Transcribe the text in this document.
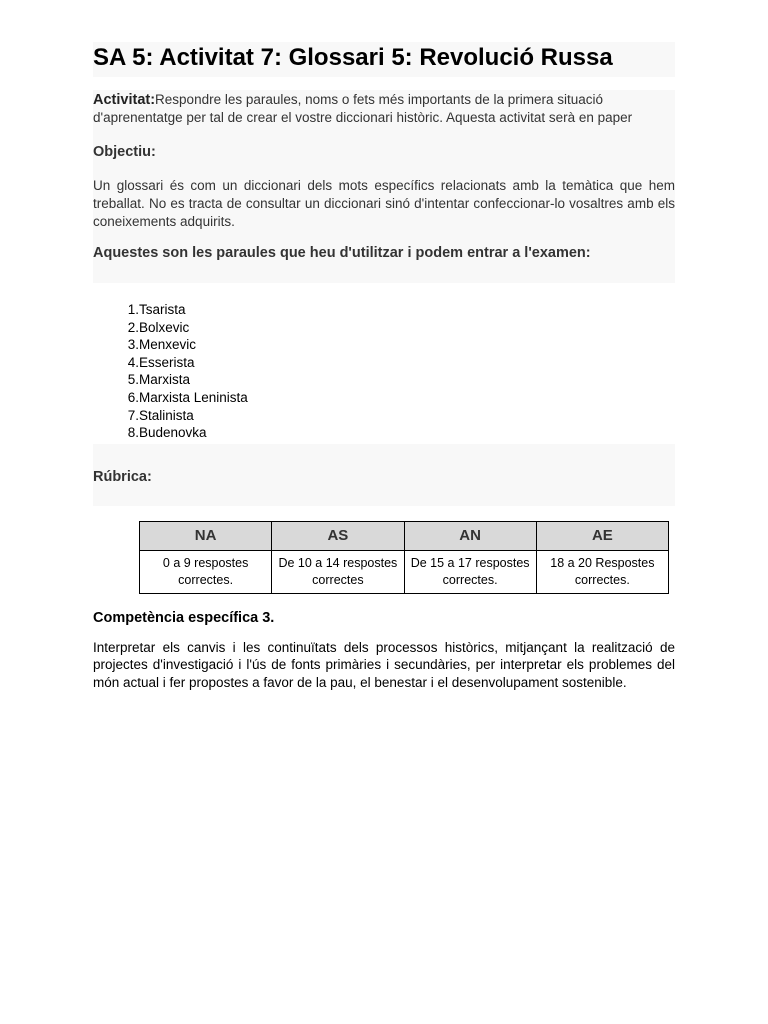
SA 5: Activitat 7: Glossari 5: Revolució Russa
Activitat:Respondre les paraules, noms o fets més importants de la primera situació d'aprenentatge per tal de crear el vostre diccionari històric. Aquesta activitat serà en paper
Objectiu:
Un glossari és com un diccionari dels mots específics relacionats amb la temàtica que hem treballat. No es tracta de consultar un diccionari sinó d'intentar confeccionar-lo vosaltres amb els coneixements adquirits.
Aquestes son les paraules que heu d'utilitzar i podem entrar a l'examen:
1. Tsarista
2. Bolxevic
3. Menxevic
4. Esserista
5. Marxista
6. Marxista Leninista
7. Stalinista
8. Budenovka
Rúbrica:
NA	AS	AN	AE
0 a 9 respostes correctes.	De 10 a 14 respostes correctes	De 15 a 17 respostes correctes.	18 a 20 Respostes correctes.
Competència específica 3.
Interpretar els canvis i les continuïtats dels processos històrics, mitjançant la realització de projectes d'investigació i l'ús de fonts primàries i secundàries, per interpretar els problemes del món actual i fer propostes a favor de la pau, el benestar i el desenvolupament sostenible.
